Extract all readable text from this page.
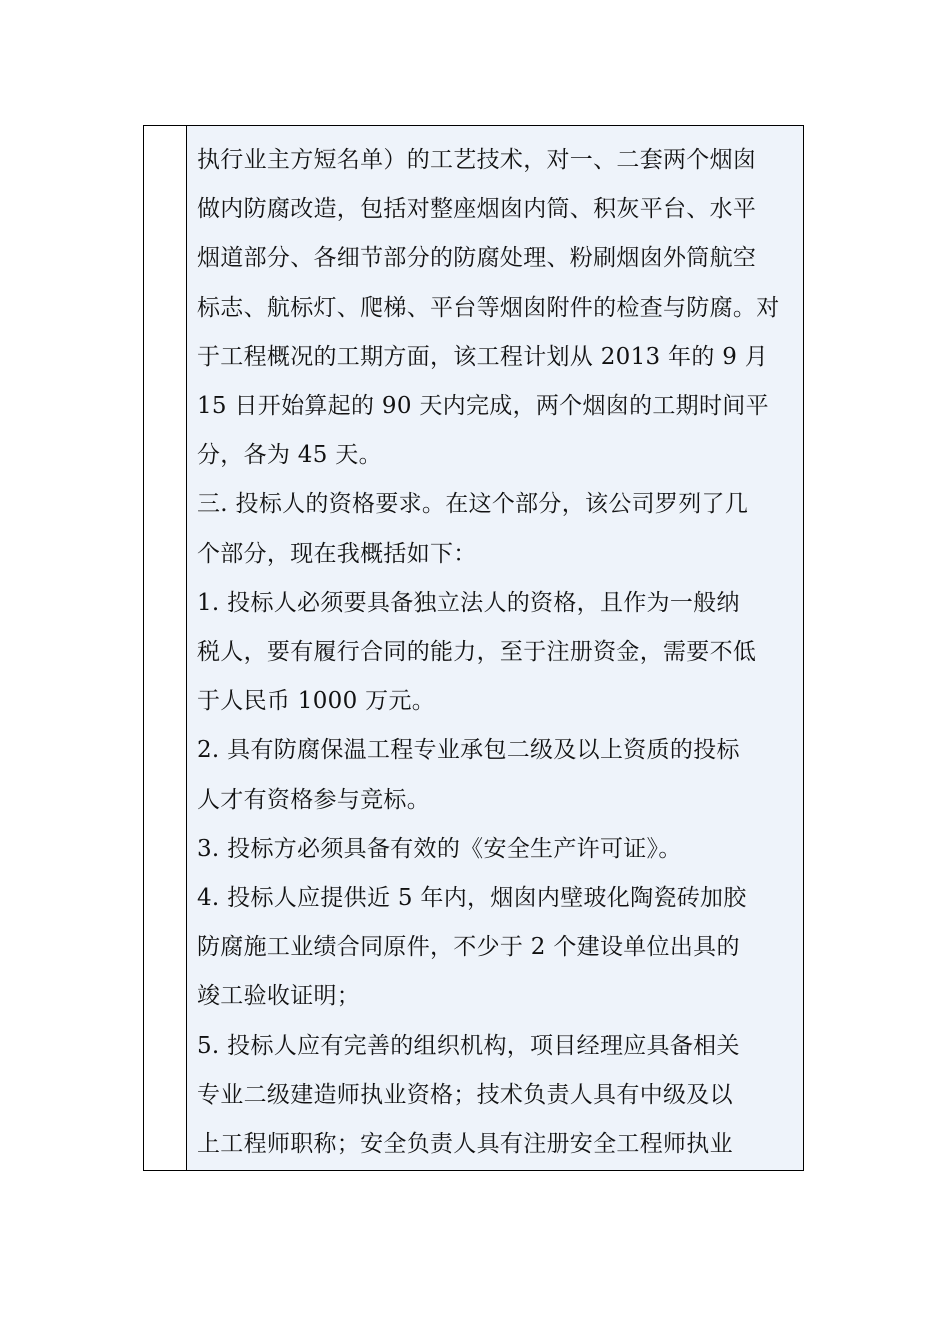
执行业主方短名单）的工艺技术，对一、二套两个烟囱
做内防腐改造，包括对整座烟囱内筒、积灰平台、水平
烟道部分、各细节部分的防腐处理、粉刷烟囱外筒航空
标志、航标灯、爬梯、平台等烟囱附件的检查与防腐。对
于工程概况的工期方面，该工程计划从 2013 年的 9 月
15 日开始算起的 90 天内完成，两个烟囱的工期时间平
分，各为 45 天。
三. 投标人的资格要求。在这个部分，该公司罗列了几
个部分，现在我概括如下：
1. 投标人必须要具备独立法人的资格，且作为一般纳
税人，要有履行合同的能力，至于注册资金，需要不低
于人民币 1000 万元。
2. 具有防腐保温工程专业承包二级及以上资质的投标
人才有资格参与竞标。
3. 投标方必须具备有效的《安全生产许可证》。
4. 投标人应提供近 5 年内，烟囱内壁玻化陶瓷砖加胶
防腐施工业绩合同原件，不少于 2 个建设单位出具的
竣工验收证明；
5. 投标人应有完善的组织机构，项目经理应具备相关
专业二级建造师执业资格；技术负责人具有中级及以
上工程师职称；安全负责人具有注册安全工程师执业
